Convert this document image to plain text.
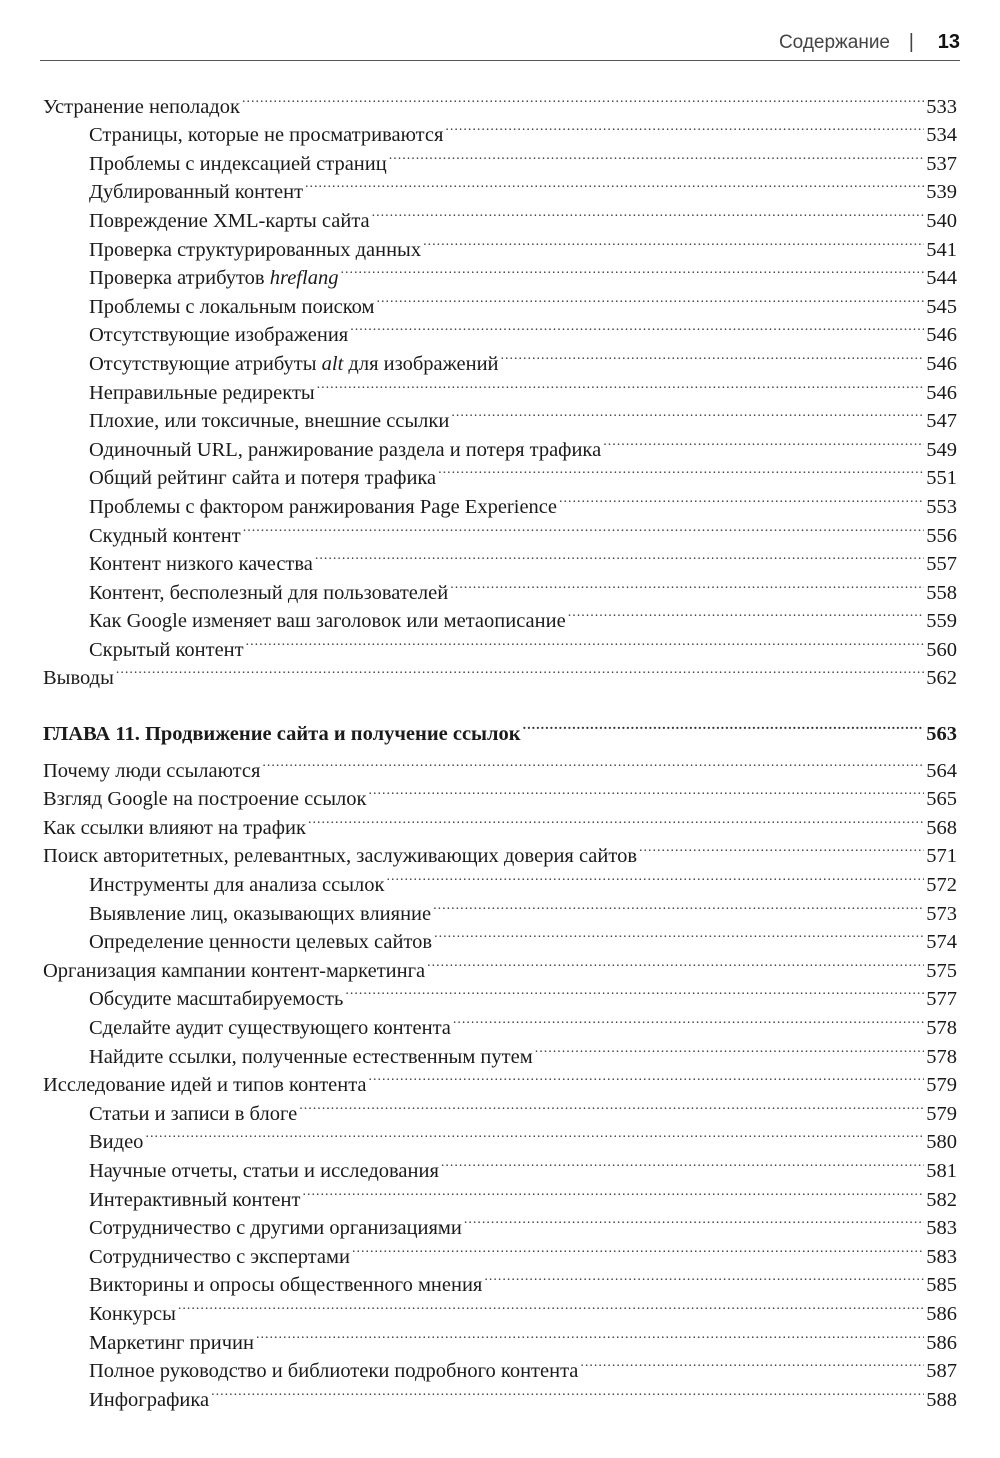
Содержание | 13
Устранение неполадок .....	533
Страницы, которые не просматриваются .....	534
Проблемы с индексацией страниц .....	537
Дублированный контент .....	539
Повреждение XML-карты сайта .....	540
Проверка структурированных данных .....	541
Проверка атрибутов hreflang .....	544
Проблемы с локальным поиском .....	545
Отсутствующие изображения .....	546
Отсутствующие атрибуты alt для изображений .....	546
Неправильные редиректы .....	546
Плохие, или токсичные, внешние ссылки .....	547
Одиночный URL, ранжирование раздела и потеря трафика .....	549
Общий рейтинг сайта и потеря трафика .....	551
Проблемы с фактором ранжирования Page Experience .....	553
Скудный контент .....	556
Контент низкого качества .....	557
Контент, бесполезный для пользователей .....	558
Как Google изменяет ваш заголовок или метаописание .....	559
Скрытый контент .....	560
Выводы .....	562
ГЛАВА 11. Продвижение сайта и получение ссылок .....	563
Почему люди ссылаются .....	564
Взгляд Google на построение ссылок .....	565
Как ссылки влияют на трафик .....	568
Поиск авторитетных, релевантных, заслуживающих доверия сайтов .....	571
Инструменты для анализа ссылок .....	572
Выявление лиц, оказывающих влияние .....	573
Определение ценности целевых сайтов .....	574
Организация кампании контент-маркетинга .....	575
Обсудите масштабируемость .....	577
Сделайте аудит существующего контента .....	578
Найдите ссылки, полученные естественным путем .....	578
Исследование идей и типов контента .....	579
Статьи и записи в блоге .....	579
Видео .....	580
Научные отчеты, статьи и исследования .....	581
Интерактивный контент .....	582
Сотрудничество с другими организациями .....	583
Сотрудничество с экспертами .....	583
Викторины и опросы общественного мнения .....	585
Конкурсы .....	586
Маркетинг причин .....	586
Полное руководство и библиотеки подробного контента .....	587
Инфографика .....	588
